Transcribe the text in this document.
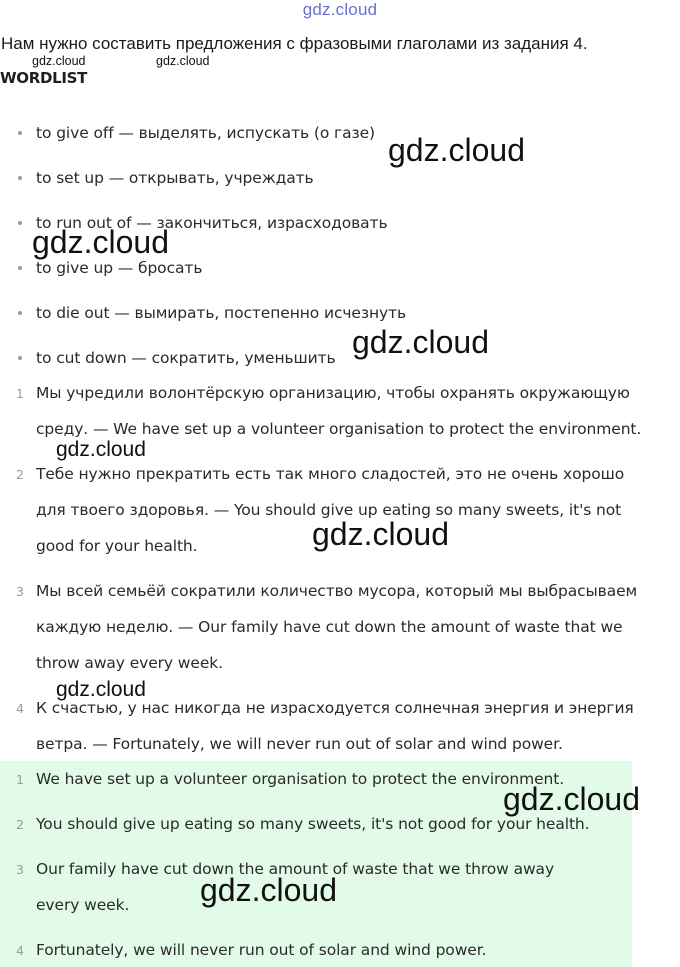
gdz.cloud
Нам нужно составить предложения с фразовыми глаголами из задания 4.
gdz.cloud	gdz.cloud
WORDLIST
to give off — выделять, испускать (о газе)
to set up — открывать, учреждать
to run out of — закончиться, израсходовать
to give up — бросать
to die out — вымирать, постепенно исчезнуть
to cut down — сократить, уменьшить
1 Мы учредили волонтёрскую организацию, чтобы охранять окружающую
среду. — We have set up a volunteer organisation to protect the environment.
2 Тебе нужно прекратить есть так много сладостей, это не очень хорошо
для твоего здоровья. — You should give up eating so many sweets, it's not
good for your health.
3 Мы всей семьёй сократили количество мусора, который мы выбрасываем
каждую неделю. — Our family have cut down the amount of waste that we
throw away every week.
4 К счастью, у нас никогда не израсходуется солнечная энергия и энергия
ветра. — Fortunately, we will never run out of solar and wind power.
1 We have set up a volunteer organisation to protect the environment.
2 You should give up eating so many sweets, it's not good for your health.
3 Our family have cut down the amount of waste that we throw away
every week.
4 Fortunately, we will never run out of solar and wind power.
gdz.cloud
gdz.cloud
gdz.cloud
gdz.cloud
gdz.cloud
gdz.cloud
gdz.cloud
gdz.cloud
